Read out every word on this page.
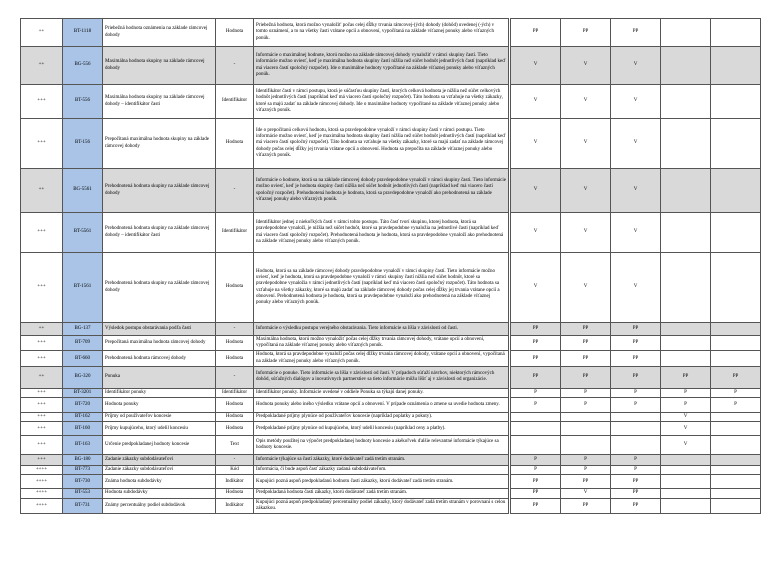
++	BT-1118	Priebežná hodnota oznámenia na základe rámcovej dohody	Hodnota	Priebežná hodnota, ktorá možno vynaložit' počas celej dĺžky trvania rámcovej-(ých) dohody (dohôd) uvedenej (-ých) v tomto oznámení, a to na všetky časti vrátane opcií a obnovení, vypočítaná na základe víťaznej ponuky alebo víťazných ponúk.		PP	PP	PP		
++	BG-556	Maximálna hodnota skupiny na základe rámcovej dohody	-	Informácie o maximálnej hodnote, ktorú možno na základe rámcovej dohody vynaložit' v rámci skupiny častí. Tieto informácie možno uviesť, keď je maximálna hodnota skupiny častí nižšia než súčet hodnôt jednotlivých častí (napríklad keď má viacero častí spoločný rozpočet). Ide o maximálne hodnoty vypočítané na základe víťaznej ponuky alebo víťazných ponúk.		V	V	V		
+++	BT-556	Maximálna hodnota skupiny na základe rámcovej dohody – identifikátor časti	Identifikátor	Identifikátor časti v rámci postupu, ktorá je súčasťou skupiny častí, ktorých celková hodnota je nižšia než súčet celkových hodnôt jednotlivých častí (napríklad keď má viacero častí spoločný rozpočet). Táto hodnota sa vzťahuje na všetky zákazky, ktoré sa majú zadať na základe rámcovej dohody. Ide o maximálne hodnoty vypočítané na základe víťaznej ponuky alebo víťazných ponúk.		V	V	V		
+++	BT-156	Prepočítaná maximálna hodnota skupiny na základe rámcovej dohody	Hodnota	Ide o prepočítanú celkovú hodnotu, ktorá sa pravdepodobne vynaloží v rámci skupiny častí v rámci postupu. Tieto informácie možno uviesť, keď je maximálna hodnota skupiny častí nižšia než súčet hodnôt jednotlivých častí (napríklad keď má viacero častí spoločný rozpočet). Táto hodnota sa vzťahuje na všetky zákazky, ktoré sa majú zadať na základe rámcovej dohody počas celej dĺžky jej trvania vrátane opcií a obnovení. Hodnota sa prepočíta na základe víťaznej ponuky alebo víťazných ponúk.		V	V	V		
++	BG-5561	Prehodnotená hodnota skupiny na základe rámcovej dohody	-	Informácie o hodnote, ktorá sa na základe rámcovej dohody pravdepodobne vynaloží v rámci skupiny častí. Tieto informácie možno uviesť, keď je hodnota skupiny častí nižšia než súčet hodnôt jednotlivých častí (napríklad keď má viacero častí spoločný rozpočet). Prehodnotená hodnota je hodnota, ktorá sa pravdepodobne vynaloží ako prehodnotená na základe víťaznej ponuky alebo víťazných ponúk.		V	V	V		
+++	BT-5561	Prehodnotená hodnota skupiny na základe rámcovej dohody – identifikátor časti	Identifikátor	Identifikátor jednej z niekoľkých častí v rámci tohto postupu. Táto časť tvorí skupinu, ktorej hodnota, ktorá sa pravdepodobne vynaloží, je nižšia než súčet hodnôt, ktoré sa pravdepodobne vynaložia na jednotlivé časti (napríklad keď má viacero častí spoločný rozpočet). Prehodnotená hodnota je hodnota, ktorá sa pravdepodobne vynaloží ako prehodnotená na základe víťaznej ponuky alebo víťazných ponúk.		V	V	V		
+++	BT-1561	Prehodnotená hodnota skupiny na základe rámcovej dohody	Hodnota	Hodnota, ktorá sa na základe rámcovej dohody pravdepodobne vynaloží v rámci skupiny častí. Tieto informácie možno uviesť, keď je hodnota, ktorá sa pravdepodobne vynaloží v rámci skupiny častí nižšia než súčet hodnôt, ktoré sa pravdepodobne vynaložia v rámci jednotlivých častí (napríklad keď má viacero častí spoločný rozpočet). Táto hodnota sa vzťahuje na všetky zákazky, ktoré sa majú zadať na základe rámcovej dohody počas celej dĺžky jej trvania vrátane opcií a obnovení. Prehodnotená hodnota je hodnota, ktorá sa pravdepodobne vynaloží ako prehodnotená na základe víťaznej ponuky alebo víťazných ponúk.		V	V	V		
++	BG-137	Výsledok postupu obstarávania podľa časti	-	Informácie o výsledku postupu verejného obstarávania. Tieto informácie sa líšia v závislosti od časti.		PP	PP	PP		
+++	BT-709	Prepočítaná maximálna hodnota rámcovej dohody	Hodnota	Maximálna hodnota, ktorú možno vynaložiť počas celej dĺžky trvania rámcovej dohody, vrátane opcií a obnovení, vypočítaná na základe víťaznej ponuky alebo víťazných ponúk.		PP	PP	PP		
+++	BT-660	Prehodnotená hodnota rámcovej dohody	Hodnota	Hodnota, ktorá sa pravdepodobne vynaloží počas celej dĺžky trvania rámcovej dohody, vrátane opcií a obnovení, vypočítaná na základe víťaznej ponuky alebo víťazných ponúk.		PP	PP	PP		
++	BG-320	Ponuka	-	Informácie o ponuke. Tieto informácie sa líšia v závislosti od časti. V prípadoch súťaží návrhov, niektorých rámcových dohôd, súťažných dialógov a inovatívnych partnerstiev sa tieto informácie môžu líšiť aj v závislosti od organizácie.		PP	PP	PP	PP	PP
+++	BT-3201	Identifikátor ponuky	Identifikátor	Identifikátor ponuky. Informácie uvedené v oddiele Ponuka sa týkajú danej ponuky.		P	P	P	P	P
+++	BT-720	Hodnota ponuky	Hodnota	Hodnota ponuky alebo iného výsledku vrátane opcií a obnovení. V prípade oznámenia o zmene sa uvedie hodnota zmeny.		P	P	P	P	P
+++	BT-162	Príjmy od používateľov koncesie	Hodnota	Predpokladané príjmy plynúce od používateľov koncesie (napríklad poplatky a pokuty).					V	
+++	BT-160	Príjmy kupujúceho, ktorý udelil koncesiu	Hodnota	Predpokladané príjmy plynúce od kupujúceho, ktorý udelil koncesiu (napríklad ceny a platby).					V	
+++	BT-163	Určenie predpokladanej hodnoty koncesie	Text	Opis metódy použitej na výpočet predpokladanej hodnoty koncesie a akékoľvek ďalšie relevantné informácie týkajúce sa hodnoty koncesie.					V	
+++	BG-180	Zadanie zákazky subdodávateľovi	-	Informácie týkajúce sa častí zákazky, ktoré dodávateľ zadá tretím stranám.		P	P	P		
++++	BT-773	Zadanie zákazky subdodávateľovi	Kód	Informácia, či bude aspoň časť zákazky zadaná subdodávateľom.		P	P	P		
++++	BT-730	Známa hodnota subdodávky	Indikátor	Kupujúci pozná aspoň predpokladanú hodnotu časti zákazky, ktorú dodávateľ zadá tretím stranám.		PP	PP	PP		
++++	BT-553	Hodnota subdodávky	Hodnota	Predpokladaná hodnota časti zákazky, ktorú dodávateľ zadá tretím stranám.		PP	V	PP		
++++	BT-731	Známy percentuálny podiel subdodávok	Indikátor	Kupujúci pozná aspoň predpokladaný percentuálny podiel zákazky, ktorý dodávateľ zadá tretím stranám v porovnaní s celou zákazkou.		PP	PP	PP		
